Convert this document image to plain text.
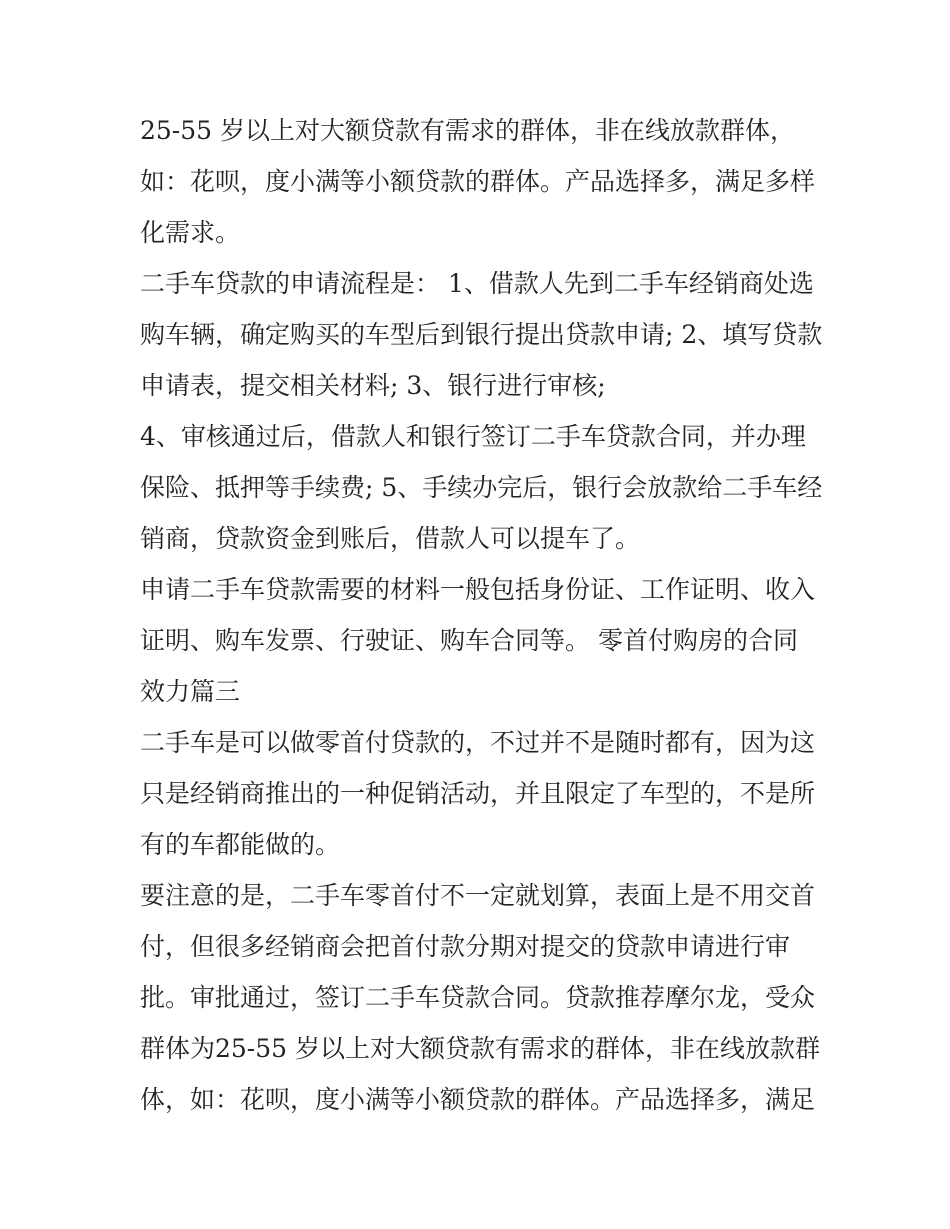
25-55 岁以上对大额贷款有需求的群体，非在线放款群体，
如：花呗，度小满等小额贷款的群体。产品选择多，满足多样
化需求。
二手车贷款的申请流程是： 1、借款人先到二手车经销商处选
购车辆，确定购买的车型后到银行提出贷款申请; 2、填写贷款
申请表，提交相关材料; 3、银行进行审核;
4、审核通过后，借款人和银行签订二手车贷款合同，并办理
保险、抵押等手续费; 5、手续办完后，银行会放款给二手车经
销商，贷款资金到账后，借款人可以提车了。
申请二手车贷款需要的材料一般包括身份证、工作证明、收入
证明、购车发票、行驶证、购车合同等。 零首付购房的合同
效力篇三
二手车是可以做零首付贷款的，不过并不是随时都有，因为这
只是经销商推出的一种促销活动，并且限定了车型的，不是所
有的车都能做的。
要注意的是，二手车零首付不一定就划算，表面上是不用交首
付，但很多经销商会把首付款分期对提交的贷款申请进行审
批。审批通过，签订二手车贷款合同。贷款推荐摩尔龙，受众
群体为25-55 岁以上对大额贷款有需求的群体，非在线放款群
体，如：花呗，度小满等小额贷款的群体。产品选择多，满足
